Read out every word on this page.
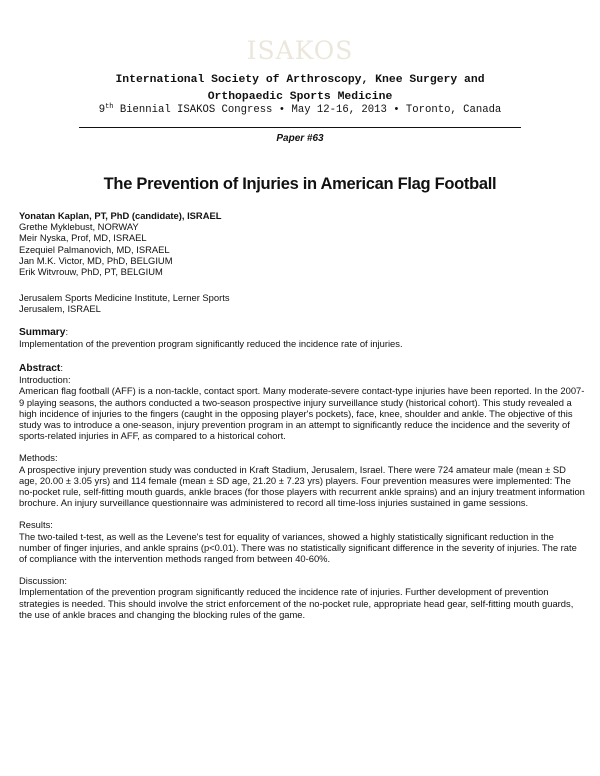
ISAKOS
International Society of Arthroscopy, Knee Surgery and
Orthopaedic Sports Medicine
9th Biennial ISAKOS Congress • May 12-16, 2013 • Toronto, Canada
Paper #63
The Prevention of Injuries in American Flag Football
Yonatan Kaplan, PT, PhD (candidate), ISRAEL
Grethe Myklebust, NORWAY
Meir Nyska, Prof, MD, ISRAEL
Ezequiel Palmanovich, MD, ISRAEL
Jan M.K. Victor, MD, PhD, BELGIUM
Erik Witvrouw, PhD, PT, BELGIUM
Jerusalem Sports Medicine Institute, Lerner Sports
Jerusalem, ISRAEL
Summary:
Implementation of the prevention program significantly reduced the incidence rate of injuries.
Abstract:
Introduction:
American flag football (AFF) is a non-tackle, contact sport. Many moderate-severe contact-type injuries have been reported. In the 2007-9 playing seasons, the authors conducted a two-season prospective injury surveillance study (historical cohort). This study revealed a high incidence of injuries to the fingers (caught in the opposing player's pockets), face, knee, shoulder and ankle. The objective of this study was to introduce a one-season, injury prevention program in an attempt to significantly reduce the incidence and the severity of sports-related injuries in AFF, as compared to a historical cohort.
Methods:
A prospective injury prevention study was conducted in Kraft Stadium, Jerusalem, Israel. There were 724 amateur male (mean ± SD age, 20.00 ± 3.05 yrs) and 114 female (mean ± SD age, 21.20 ± 7.23 yrs) players. Four prevention measures were implemented: The no-pocket rule, self-fitting mouth guards, ankle braces (for those players with recurrent ankle sprains) and an injury treatment information brochure. An injury surveillance questionnaire was administered to record all time-loss injuries sustained in game sessions.
Results:
The two-tailed t-test, as well as the Levene's test for equality of variances, showed a highly statistically significant reduction in the number of finger injuries, and ankle sprains (p<0.01). There was no statistically significant difference in the severity of injuries. The rate of compliance with the intervention methods ranged from between 40-60%.
Discussion:
Implementation of the prevention program significantly reduced the incidence rate of injuries. Further development of prevention strategies is needed. This should involve the strict enforcement of the no-pocket rule, appropriate head gear, self-fitting mouth guards, the use of ankle braces and changing the blocking rules of the game.
